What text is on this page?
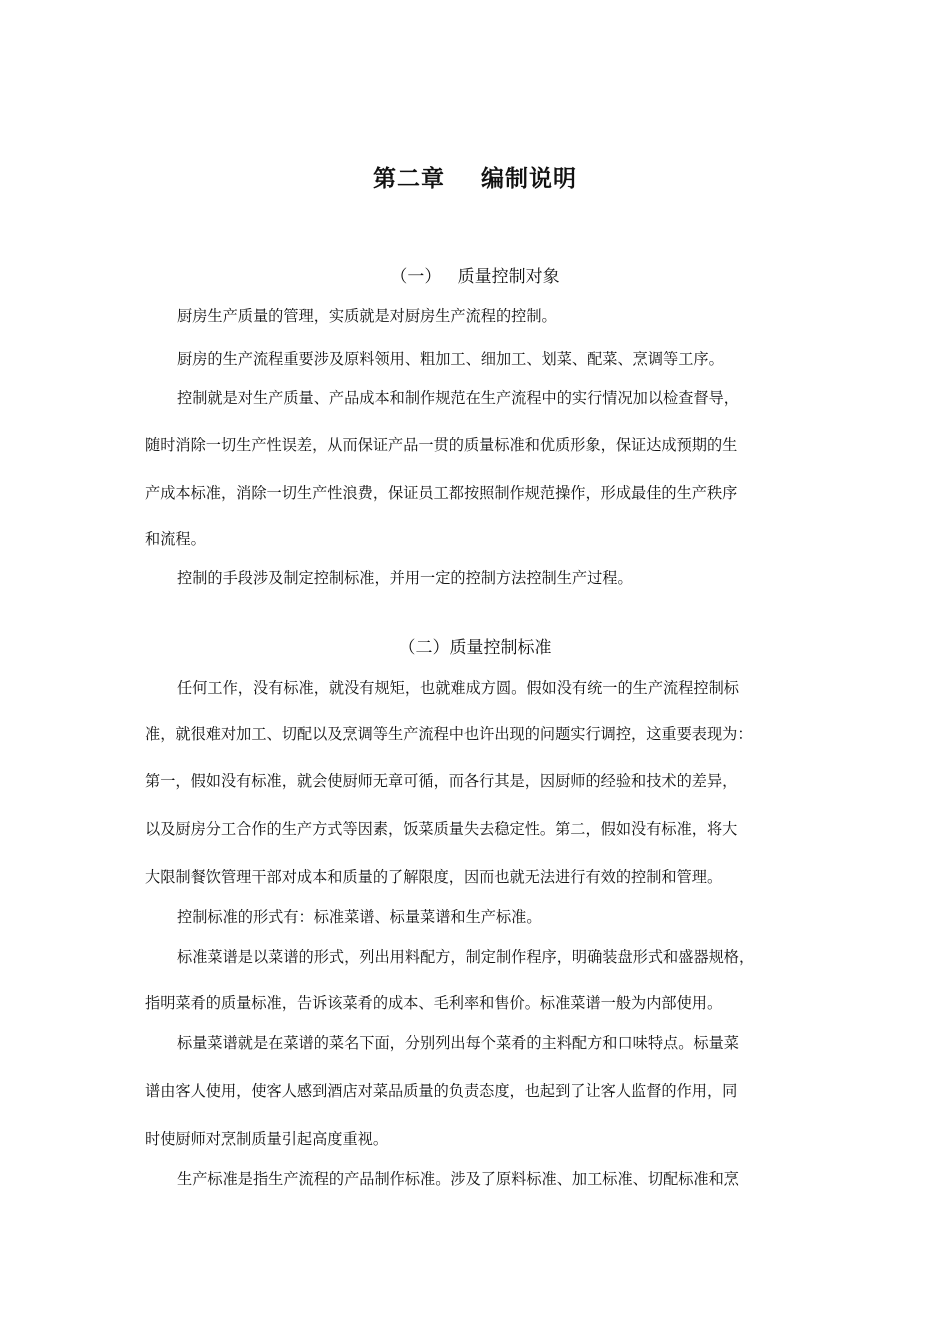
第二章    编制说明
（一）   质量控制对象
厨房生产质量的管理，实质就是对厨房生产流程的控制。
厨房的生产流程重要涉及原料领用、粗加工、细加工、划菜、配菜、烹调等工序。
控制就是对生产质量、产品成本和制作规范在生产流程中的实行情况加以检查督导，
随时消除一切生产性误差，从而保证产品一贯的质量标准和优质形象，保证达成预期的生
产成本标准，消除一切生产性浪费，保证员工都按照制作规范操作，形成最佳的生产秩序
和流程。
控制的手段涉及制定控制标准，并用一定的控制方法控制生产过程。
（二）质量控制标准
任何工作，没有标准，就没有规矩，也就难成方圆。假如没有统一的生产流程控制标
准，就很难对加工、切配以及烹调等生产流程中也许出现的问题实行调控，这重要表现为：
第一，假如没有标准，就会使厨师无章可循，而各行其是，因厨师的经验和技术的差异，
以及厨房分工合作的生产方式等因素，饭菜质量失去稳定性。第二，假如没有标准，将大
大限制餐饮管理干部对成本和质量的了解限度，因而也就无法进行有效的控制和管理。
控制标准的形式有：标准菜谱、标量菜谱和生产标准。
标准菜谱是以菜谱的形式，列出用料配方，制定制作程序，明确装盘形式和盛器规格，
指明菜肴的质量标准，告诉该菜肴的成本、毛利率和售价。标准菜谱一般为内部使用。
标量菜谱就是在菜谱的菜名下面，分别列出每个菜肴的主料配方和口味特点。标量菜
谱由客人使用，使客人感到酒店对菜品质量的负责态度，也起到了让客人监督的作用，同
时使厨师对烹制质量引起高度重视。
生产标准是指生产流程的产品制作标准。涉及了原料标准、加工标准、切配标准和烹
